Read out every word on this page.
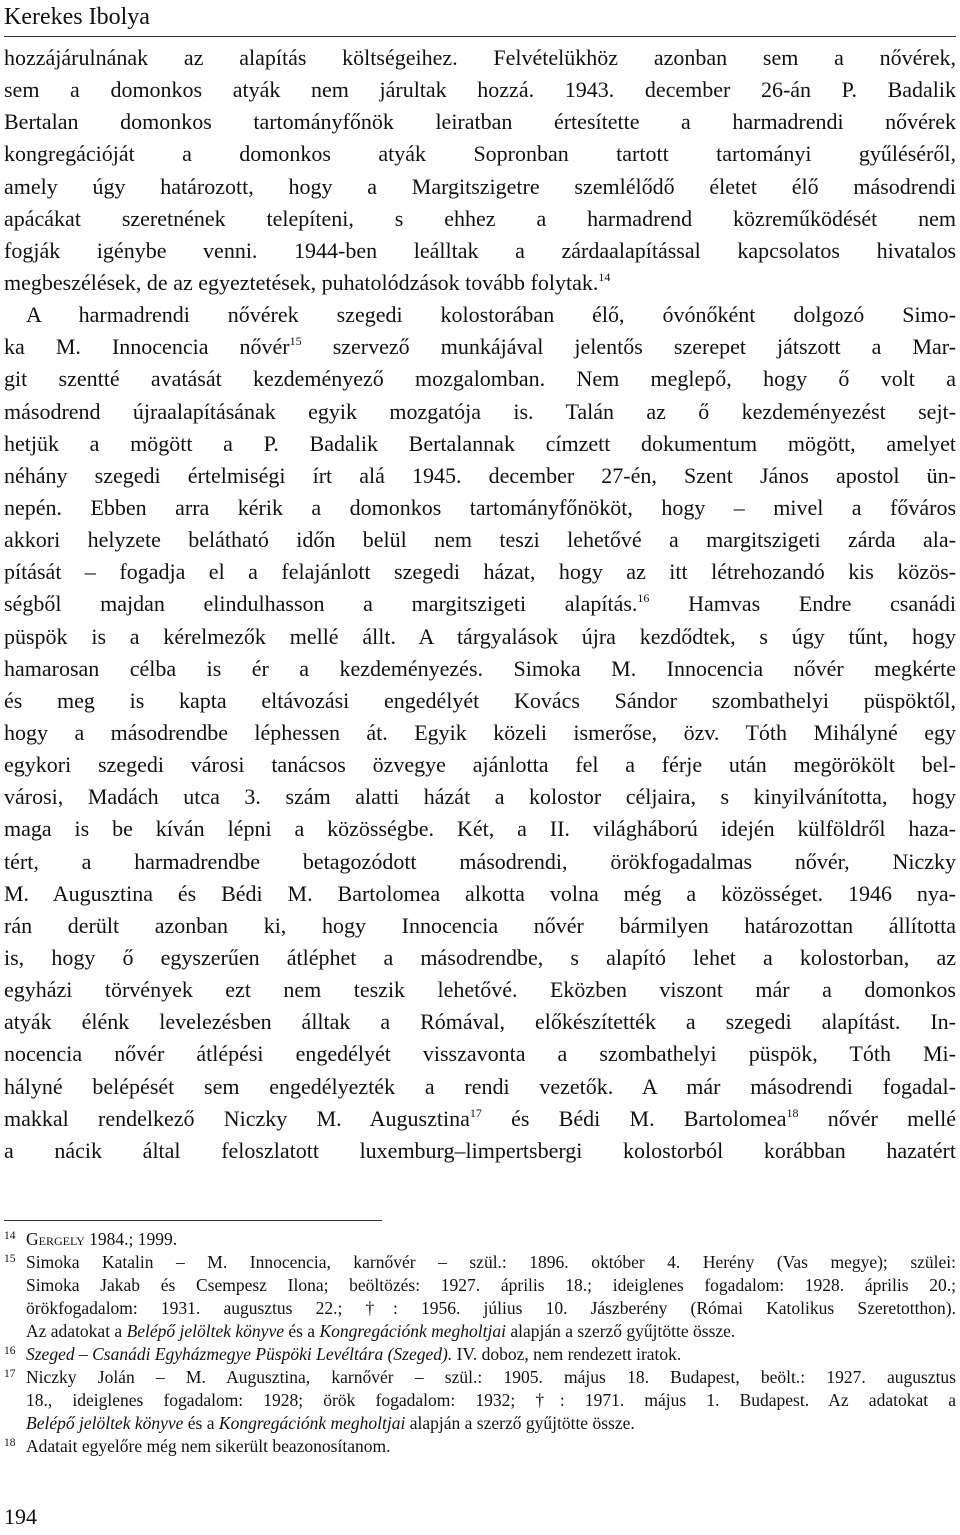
Kerekes Ibolya
hozzájárulnának az alapítás költségeihez. Felvételükhöz azonban sem a nővérek,
sem a domonkos atyák nem járultak hozzá. 1943. december 26-án P. Badalik
Bertalan domonkos tartományfőnök leiratban értesítette a harmadrendi nővérek
kongregációját a domonkos atyák Sopronban tartott tartományi gyűléséről,
amely úgy határozott, hogy a Margitszigetre szemlélődő életet élő másodrendi
apácákat szeretnének telepíteni, s ehhez a harmadrend közreműködését nem
fogják igénybe venni. 1944-ben leálltak a zárdaalapítással kapcsolatos hivatalos
megbeszélések, de az egyeztetések, puhatolódzások tovább folytak.$^{14}$
A harmadrendi nővérek szegedi kolostorában élő, óvónőként dolgozó Simo-
ka M. Innocencia nővér$^{15}$ szervező munkájával jelentős szerepet játszott a Mar-
git szentté avatását kezdeményező mozgalomban. Nem meglepő, hogy ő volt a
másodrend újraalapításának egyik mozgatója is. Talán az ő kezdeményezést sejt-
hetjük a mögött a P. Badalik Bertalannak címzett dokumentum mögött, amelyet
néhány szegedi értelmiségi írt alá 1945. december 27-én, Szent János apostol ün-
nepén. Ebben arra kérik a domonkos tartományfőnököt, hogy – mivel a főváros
akkori helyzete belátható időn belül nem teszi lehetővé a margitszigeti zárda ala-
pítását – fogadja el a felajánlott szegedi házat, hogy az itt létrehozandó kis közös-
ségből majdan elindulhasson a margitszigeti alapítás.$^{16}$ Hamvas Endre csanádi
püspök is a kérelmezők mellé állt. A tárgyalások újra kezdődtek, s úgy tűnt, hogy
hamarosan célba is ér a kezdeményezés. Simoka M. Innocencia nővér megkérte
és meg is kapta eltávozási engedélyét Kovács Sándor szombathelyi püspöktől,
hogy a másodrendbe léphessen át. Egyik közeli ismerőse, özv. Tóth Mihályné egy
egykori szegedi városi tanácsos özvegye ajánlotta fel a férje után megörökölt bel-
városi, Madách utca 3. szám alatti házát a kolostor céljaira, s kinyilvánította, hogy
maga is be kíván lépni a közösségbe. Két, a II. világháború idején külföldről haza-
tért, a harmadrendbe betagozódott másodrendi, örökfogadalmas nővér, Niczky
M. Augusztina és Bédi M. Bartolomea alkotta volna még a közösséget. 1946 nya-
rán derült azonban ki, hogy Innocencia nővér bármilyen határozottan állította
is, hogy ő egyszerűen átléphet a másodrendbe, s alapító lehet a kolostorban, az
egyházi törvények ezt nem teszik lehetővé. Eközben viszont már a domonkos
atyák élénk levelezésben álltak a Rómával, előkészítették a szegedi alapítást. In-
nocencia nővér átlépési engedélyét visszavonta a szombathelyi püspök, Tóth Mi-
hályné belépését sem engedélyezték a rendi vezetők. A már másodrendi fogadal-
makkal rendelkező Niczky M. Augusztina$^{17}$ és Bédi M. Bartolomea$^{18}$ nővér mellé
a nácik által feloszlatott luxemburg–limpertsbergi kolostorból korábban hazatért
14 Gergely 1984.; 1999.
15 Simoka Katalin – M. Innocencia, karnővér – szül.: 1896. október 4. Herény (Vas megye); szülei:
Simoka Jakab és Csempesz Ilona; beöltözés: 1927. április 18.; ideiglenes fogadalom: 1928. április 20.;
örökfogadalom: 1931. augusztus 22.; †: 1956. július 10. Jászberény (Római Katolikus Szeretotthon).
Az adatokat a Belépő jelöltek könyve és a Kongregációnk megholtjai alapján a szerző gyűjtötte össze.
16 Szeged – Csanádi Egyházmegye Püspöki Levéltára (Szeged). IV. doboz, nem rendezett iratok.
17 Niczky Jolán – M. Augusztina, karnővér – szül.: 1905. május 18. Budapest, beölt.: 1927. augusztus
18., ideiglenes fogadalom: 1928; örök fogadalom: 1932; †: 1971. május 1. Budapest. Az adatokat a
Belépő jelöltek könyve és a Kongregációnk megholtjai alapján a szerző gyűjtötte össze.
18 Adatait egyelőre még nem sikerült beazonosítanom.
194
